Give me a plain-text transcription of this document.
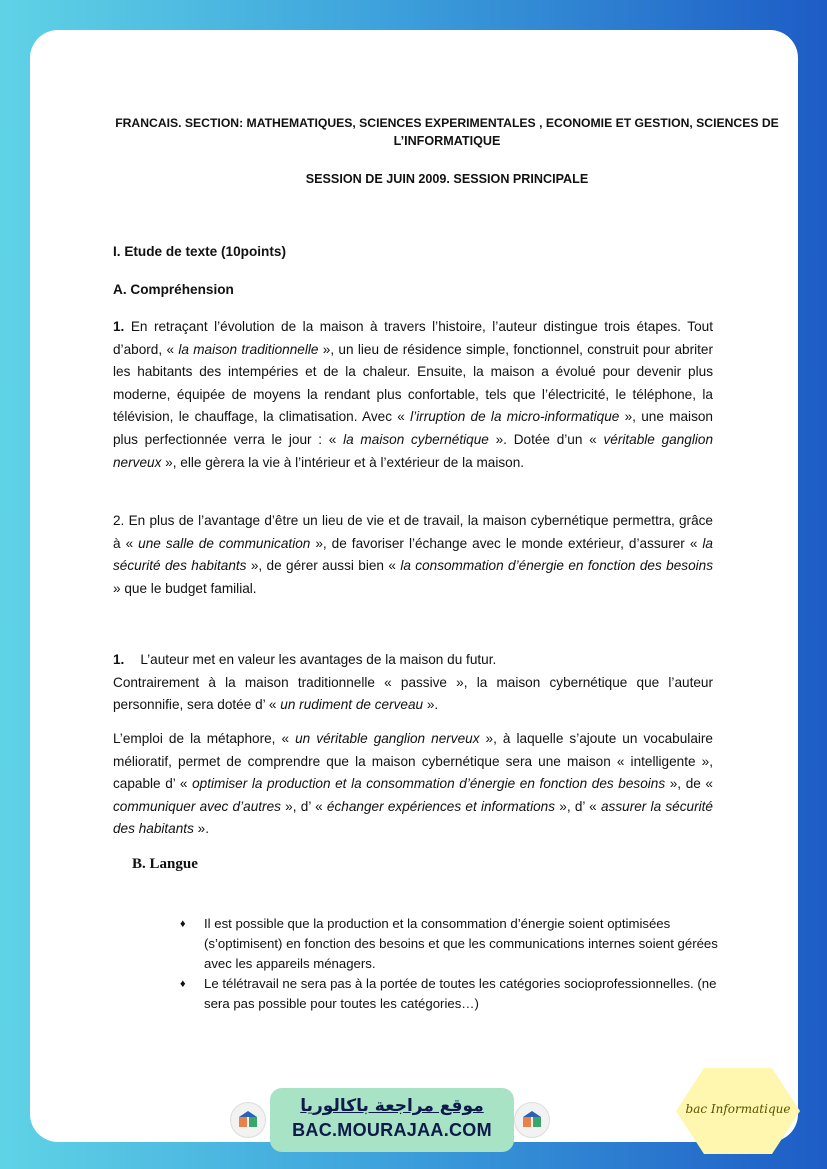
FRANCAIS. SECTION: MATHEMATIQUES, SCIENCES EXPERIMENTALES , ECONOMIE ET GESTION, SCIENCES DE
L’INFORMATIQUE
SESSION DE JUIN 2009. SESSION PRINCIPALE

I. Etude de texte (10points)

A. Compréhension

1. En retraçant l’évolution de la maison à travers l’histoire, l’auteur distingue trois étapes. Tout d’abord, « la maison traditionnelle », un lieu de résidence simple, fonctionnel, construit pour abriter les habitants des intempéries et de la chaleur. Ensuite, la maison a évolué pour devenir plus moderne, équipée de moyens la rendant plus confortable, tels que l’électricité, le téléphone, la télévision, le chauffage, la climatisation. Avec « l’irruption de la micro-informatique », une maison plus perfectionnée verra le jour : « la maison cybernétique ». Dotée d’un « véritable ganglion nerveux », elle gèrera la vie à l’intérieur et à l’extérieur de la maison.

2. En plus de l’avantage d’être un lieu de vie et de travail, la maison cybernétique permettra, grâce à « une salle de communication », de favoriser l’échange avec le monde extérieur, d’assurer « la sécurité des habitants », de gérer aussi bien « la consommation d’énergie en fonction des besoins » que le budget familial.

1. L’auteur met en valeur les avantages de la maison du futur.
Contrairement à la maison traditionnelle « passive », la maison cybernétique que l’auteur personnifie, sera dotée d’ « un rudiment de cerveau ».

L’emploi de la métaphore, « un véritable ganglion nerveux », à laquelle s’ajoute un vocabulaire mélioratif, permet de comprendre que la maison cybernétique sera une maison « intelligente », capable d’ « optimiser la production et la consommation d’énergie en fonction des besoins », de « communiquer avec d’autres », d’ « échanger expériences et informations », d’ « assurer la sécurité des habitants ».

B. Langue
♦ Il est possible que la production et la consommation d’énergie soient optimisées (s’optimisent) en fonction des besoins et que les communications internes soient gérées avec les appareils ménagers.
♦ Le télétravail ne sera pas à la portée de toutes les catégories socioprofessionnelles. (ne sera pas possible pour toutes les catégories…)
موقع مراجعة باكالوريا
BAC.MOURAJAA.COM
bac Informatique
